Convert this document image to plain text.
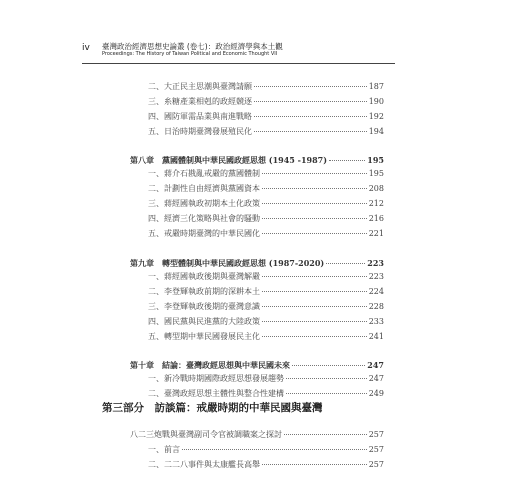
iv 臺灣政治經濟思想史論叢 (卷七)：政治經濟學與本土觀
Proceedings: The History of Taiwan Political and Economic Thought VII
二、大正民主思潮與臺灣請願	187
三、糸糖產業相剋的政經競逐	190
四、國防軍需品業與南進戰略	192
五、日治時期臺灣發展殖民化	194
第八章　黨國體制與中華民國政經思想 (1945 -1987)	195
一、蔣介石戡亂戒嚴的黨國體制	195
二、計劃性自由經濟與黨國資本	208
三、蔣經國執政初期本土化政策	212
四、經濟三化策略與社會的騷動	216
五、戒嚴時期臺灣的中華民國化	221
第九章　轉型體制與中華民國政經思想 (1987-2020)	223
一、蔣經國執政後期與臺灣解嚴	223
二、李登輝執政前期的深耕本土	224
三、李登輝執政後期的臺灣意識	228
四、國民黨與民進黨的大陸政策	233
五、轉型期中華民國發展民主化	241
第十章　結論：臺灣政經思想與中華民國未來	247
一、新冷戰時期國際政經思想發展趨勢	247
二、臺灣政經思想主體性與整合性建構	249
八二三炮戰與臺灣副司令官被調職案之探討	257
一、前言	257
二、二二八事件與太康艦長高舉	257
第三部分　訪談篇：戒嚴時期的中華民國與臺灣
